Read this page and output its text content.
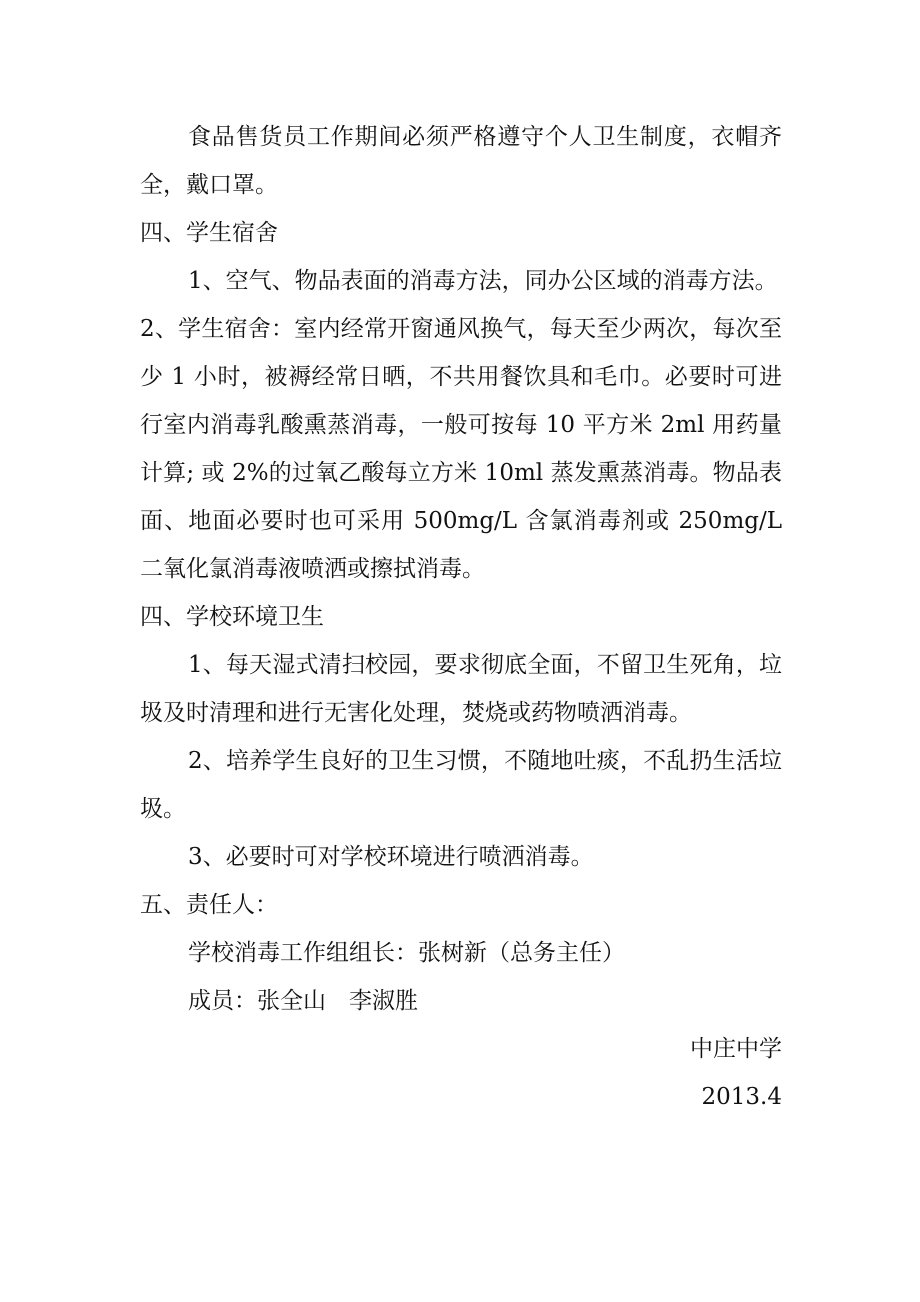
食品售货员工作期间必须严格遵守个人卫生制度，衣帽齐全，戴口罩。

四、学生宿舍

1、空气、物品表面的消毒方法，同办公区域的消毒方法。

2、学生宿舍：室内经常开窗通风换气，每天至少两次，每次至少 1 小时，被褥经常日晒，不共用餐饮具和毛巾。必要时可进行室内消毒乳酸熏蒸消毒，一般可按每 10 平方米 2ml 用药量计算; 或 2%的过氧乙酸每立方米 10ml 蒸发熏蒸消毒。物品表面、地面必要时也可采用 500mg/L 含氯消毒剂或 250mg/L 二氧化氯消毒液喷洒或擦拭消毒。

四、学校环境卫生

1、每天湿式清扫校园，要求彻底全面，不留卫生死角，垃圾及时清理和进行无害化处理，焚烧或药物喷洒消毒。

2、培养学生良好的卫生习惯，不随地吐痰，不乱扔生活垃圾。

3、必要时可对学校环境进行喷洒消毒。

五、责任人：

学校消毒工作组组长：张树新（总务主任）

成员：张全山　李淑胜

中庄中学

2013.4
